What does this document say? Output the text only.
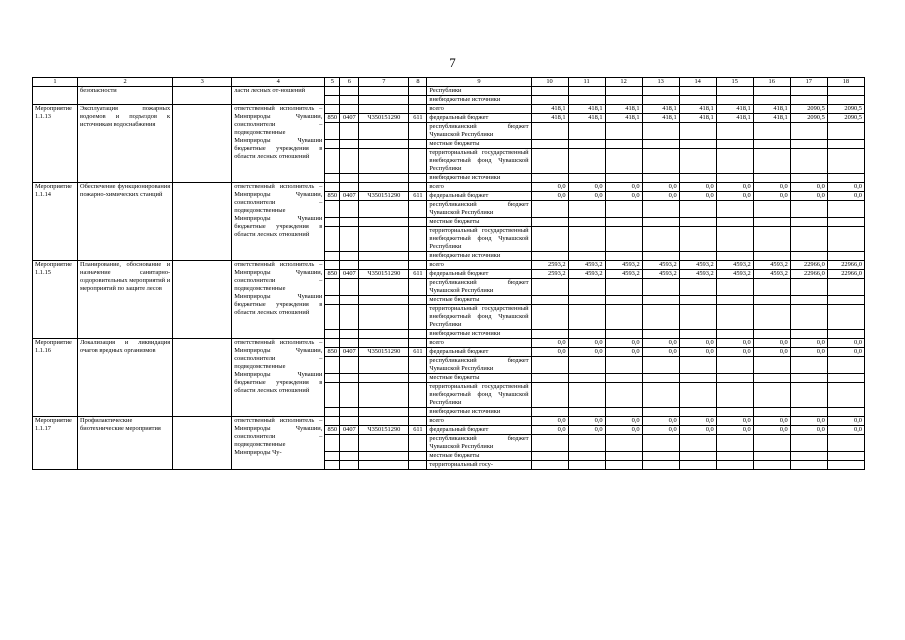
7
1	2	3	4	5	6	7	8	9	10	11	12	13	14	15	16	17	18
	безопасности		ласти лесных от-ношений					Республики									
								внебюджетные источники									
Мероприятие 1.1.13	Эксплуатация пожарных водоемов и подъездов к источникам водоснабжения		ответственный исполнитель – Минприроды Чувашии, соисполнители – подведомственные Минприроды Чувашии бюджетные учреждения в области лесных отношений					всего	418,1	418,1	418,1	418,1	418,1	418,1	418,1	2090,5	2090,5
				850	0407	Ч350151290	611	федеральный бюджет	418,1	418,1	418,1	418,1	418,1	418,1	418,1	2090,5	2090,5
								республиканский бюджет Чувашской Республики									
								местные бюджеты									
								территориальный государственный внебюджетный фонд Чувашской Республики									
								внебюджетные источники									
Мероприятие 1.1.14	Обеспечение функционирования пожарно-химических станций		ответственный исполнитель – Минприроды Чувашии, соисполнители – подведомственные Минприроды Чувашии бюджетные учреждения в области лесных отношений					всего	0,0	0,0	0,0	0,0	0,0	0,0	0,0	0,0	0,0
				850	0407	Ч350151290	611	федеральный бюджет	0,0	0,0	0,0	0,0	0,0	0,0	0,0	0,0	0,0
								республиканский бюджет Чувашской Республики									
								местные бюджеты									
								территориальный государственный внебюджетный фонд Чувашской Республики									
								внебюджетные источники									
Мероприятие 1.1.15	Планирование, обоснование и назначение санитарно-оздоровительных мероприятий и мероприятий по защите лесов		ответственный исполнитель – Минприроды Чувашии, соисполнители – подведомственные Минприроды Чувашии бюджетные учреждения в области лесных отношений					всего	2593,2	4593,2	4593,2	4593,2	4593,2	4593,2	4593,2	22966,0	22966,0
				850	0407	Ч350151290	611	федеральный бюджет	2593,2	4593,2	4593,2	4593,2	4593,2	4593,2	4593,2	22966,0	22966,0
								республиканский бюджет Чувашской Республики									
								местные бюджеты									
								территориальный государственный внебюджетный фонд Чувашской Республики									
								внебюджетные источники									
Мероприятие 1.1.16	Локализация и ликвидация очагов вредных организмов		ответственный исполнитель – Минприроды Чувашии, соисполнители – подведомственные Минприроды Чувашии бюджетные учреждения в области лесных отношений					всего	0,0	0,0	0,0	0,0	0,0	0,0	0,0	0,0	0,0
				850	0407	Ч350151290	611	федеральный бюджет	0,0	0,0	0,0	0,0	0,0	0,0	0,0	0,0	0,0
								республиканский бюджет Чувашской Республики									
								местные бюджеты									
								территориальный государственный внебюджетный фонд Чувашской Республики									
								внебюджетные источники									
Мероприятие 1.1.17	Профилактические биотехнические мероприятия		ответственный исполнитель – Минприроды Чувашии, соисполнители – подведомственные Минприроды Чу-					всего	0,0	0,0	0,0	0,0	0,0	0,0	0,0	0,0	0,0
				850	0407	Ч350151290	611	федеральный бюджет	0,0	0,0	0,0	0,0	0,0	0,0	0,0	0,0	0,0
								республиканский бюджет Чувашской Республики									
								местные бюджеты									
								территориальный госу-									
